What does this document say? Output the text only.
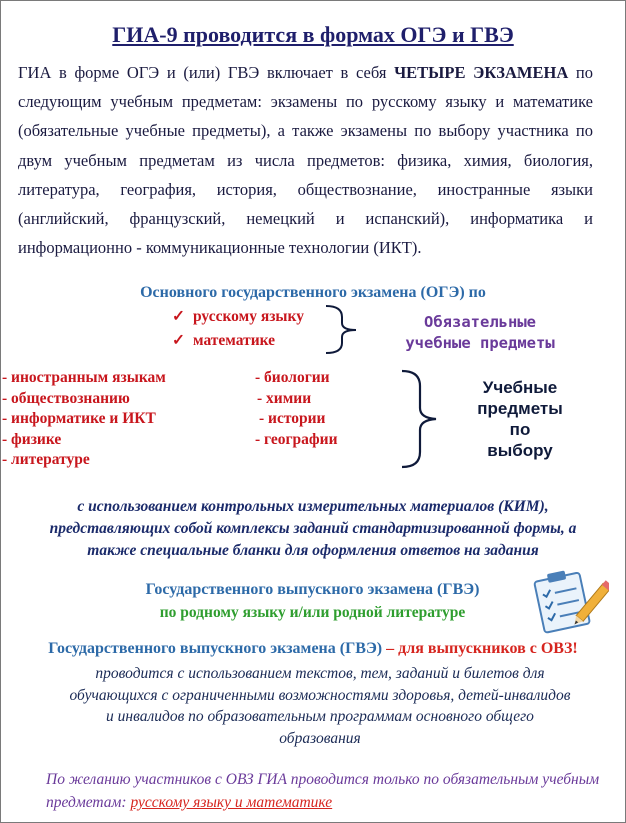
ГИА-9 проводится в формах ОГЭ и ГВЭ
ГИА в форме ОГЭ и (или) ГВЭ включает в себя ЧЕТЫРЕ ЭКЗАМЕНА по следующим учебным предметам: экзамены по русскому языку и математике (обязательные учебные предметы), а также экзамены по выбору участника по двум учебным предметам из числа предметов: физика, химия, биология, литература, география, история, обществознание, иностранные языки (английский, французский, немецкий и испанский), информатика и информационно - коммуникационные технологии (ИКТ).
Основного государственного экзамена (ОГЭ) по
✓ русскому языку
✓ математике
Обязательные
учебные предметы
- иностранным языкам
- обществознанию
- информатике и ИКТ
- физике
- литературе
- биологии
- химии
- истории
- географии
Учебные
предметы
по
выбору
с использованием контрольных измерительных материалов (КИМ),
представляющих собой комплексы заданий стандартизированной формы, а
также специальные бланки для оформления ответов на задания
Государственного выпускного экзамена (ГВЭ)
по родному языку и/или родной литературе
Государственного выпускного экзамена (ГВЭ) – для выпускников с ОВЗ!
проводится с использованием текстов, тем, заданий и билетов для
обучающихся с ограниченными возможностями здоровья, детей-инвалидов
и инвалидов по образовательным программам основного общего
образования
По желанию участников с ОВЗ ГИА проводится только по обязательным учебным предметам: русскому языку и математике
